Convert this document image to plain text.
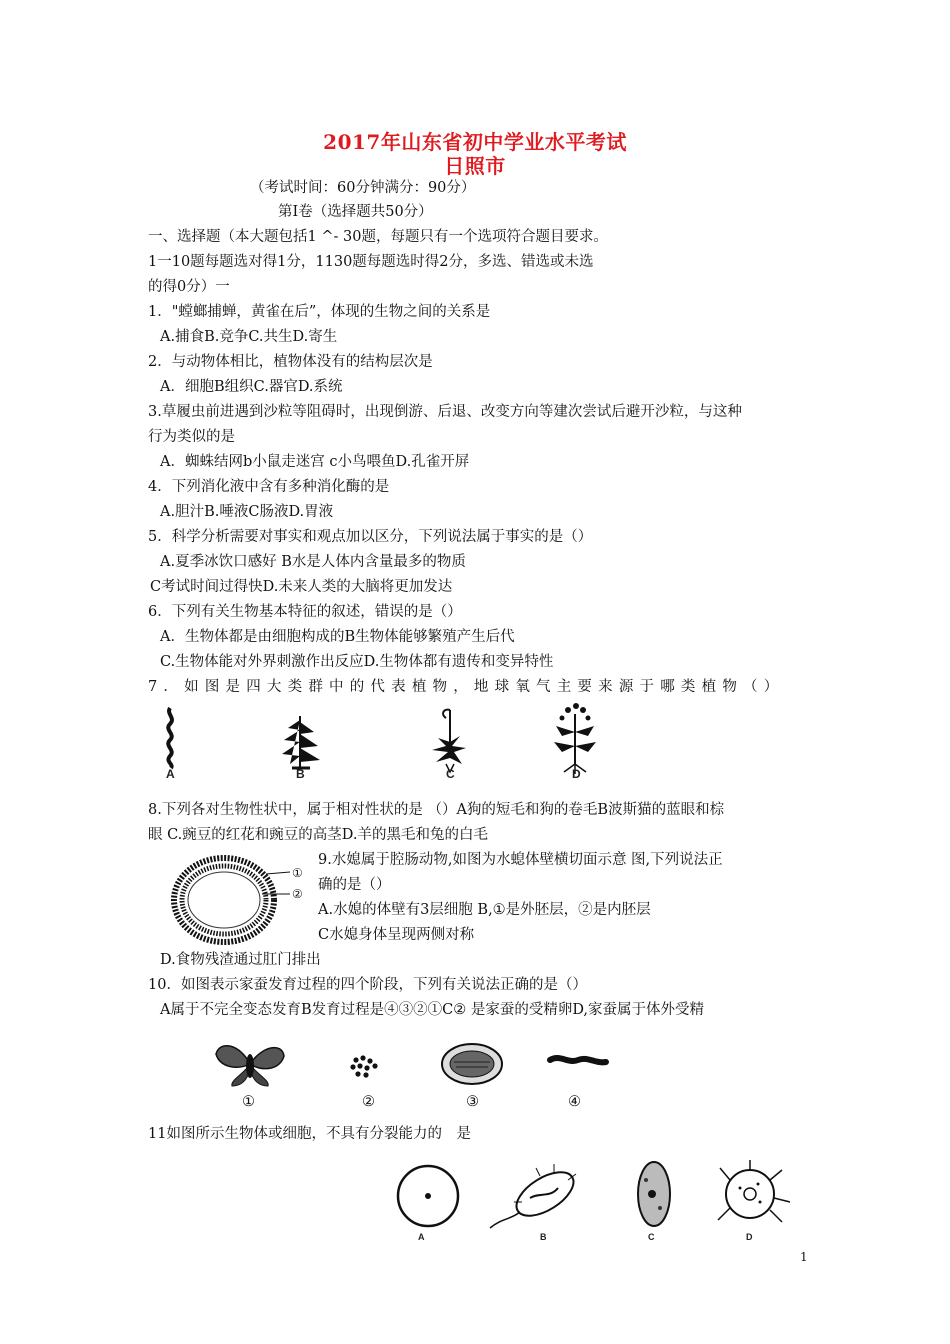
2017年山东省初中学业水平考试
日照市
（考试时间：60分钟满分：90分）
第Ⅰ卷（选择题共50分）
一、选择题（本大题包括1 ^- 30题，每题只有一个选项符合题目要求。
1一10题每题选对得1分，1130题每题选时得2分，多选、错选或未选
的得0分）一
1．"螳螂捕蝉，黄雀在后”，体现的生物之间的关系是
A.捕食B.竞争C.共生D.寄生
2．与动物体相比，植物体没有的结构层次是
A．细胞B组织C.器官D.系统
3.草履虫前进遇到沙粒等阻碍时，出现倒游、后退、改变方向等建次尝试后避开沙粒，与这种
行为类似的是
A．蜘蛛结网b小鼠走迷宫 c小鸟喂鱼D.孔雀开屏
4．下列消化液中含有多种消化酶的是
A.胆汁B.唾液C肠液D.胃液
5．科学分析需要对事实和观点加以区分，下列说法属于事实的是（）
A.夏季冰饮口感好 B水是人体内含量最多的物质
C考试时间过得快D.未来人类的大脑将更加发达
6．下列有关生物基本特征的叙述，错误的是（）
A．生物体都是由细胞构成的B生物体能够繁殖产生后代
C.生物体能对外界刺激作出反应D.生物体都有遗传和变异特性
7．如图是四大类群中的代表植物，地球氧气主要来源于哪类植物（）
A	B	C	D
8.下列各对生物性状中，属于相对性状的是 （）A狗的短毛和狗的卷毛B波斯猫的蓝眼和棕
眼 C.豌豆的红花和豌豆的高茎D.羊的黑毛和兔的白毛
①
②
9.水媳属于腔肠动物,如图为水螅体壁横切面示意 图,下列说法正
确的是（）
A.水媳的体壁有3层细胞 B,①是外胚层，②是内胚层
C水媳身体呈现两侧对称
D.食物残渣通过肛门排出
10．如图表示家蚕发育过程的四个阶段，下列有关说法正确的是（）
A属于不完全变态发育B发育过程是④③②①C② 是家蚕的受精卵D,家蚕属于体外受精
①	②	③	④
11如图所示生物体或细胞，不具有分裂能力的　是
A	B	C	D
1
